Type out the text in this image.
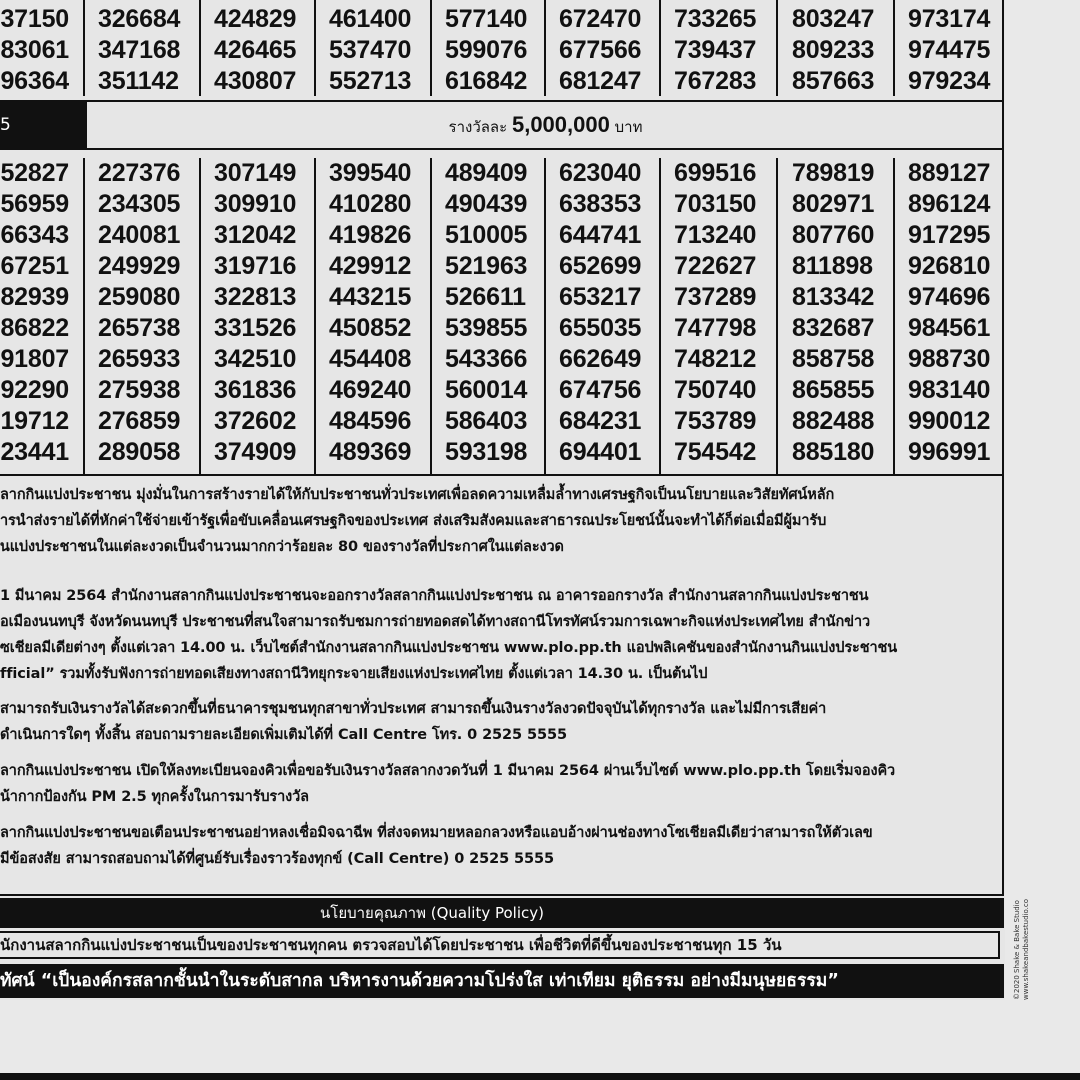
37150
83061
96364
326684
347168
351142
424829
426465
430807
461400
537470
552713
577140
599076
616842
672470
677566
681247
733265
739437
767283
803247
809233
857663
973174
974475
979234
5	รางวัลละ 5,000,000 บาท
52827
56959
66343
67251
82939
86822
91807
92290
19712
23441
227376
234305
240081
249929
259080
265738
265933
275938
276859
289058
307149
309910
312042
319716
322813
331526
342510
361836
372602
374909
399540
410280
419826
429912
443215
450852
454408
469240
484596
489369
489409
490439
510005
521963
526611
539855
543366
560014
586403
593198
623040
638353
644741
652699
653217
655035
662649
674756
684231
694401
699516
703150
713240
722627
737289
747798
748212
750740
753789
754542
789819
802971
807760
811898
813342
832687
858758
865855
882488
885180
889127
896124
917295
926810
974696
984561
988730
983140
990012
996991
ลากกินแบ่งประชาชน มุ่งมั่นในการสร้างรายได้ให้กับประชาชนทั่วประเทศเพื่อลดความเหลื่มล้ำทางเศรษฐกิจเป็นนโยบายและวิสัยทัศน์หลัก
ารนำส่งรายได้ที่หักค่าใช้จ่ายเข้ารัฐเพื่อขับเคลื่อนเศรษฐกิจของประเทศ ส่งเสริมสังคมและสาธารณประโยชน์นั้นจะทำได้ก็ต่อเมื่อมีผู้มารับ
ินแบ่งประชาชนในแต่ละงวดเป็นจำนวนมากกว่าร้อยละ 80 ของรางวัลที่ประกาศในแต่ละงวด
1 มีนาคม 2564 สำนักงานสลากกินแบ่งประชาชนจะออกรางวัลสลากกินแบ่งประชาชน ณ อาคารออกรางวัล สำนักงานสลากกินแบ่งประชาชน
อเมืองนนทบุรี จังหวัดนนทบุรี ประชาชนที่สนใจสามารถรับชมการถ่ายทอดสดได้ทางสถานีโทรทัศน์รวมการเฉพาะกิจแห่งประเทศไทย สำนักข่าว
ซเชียลมีเดียต่างๆ ตั้งแต่เวลา 14.00 น. เว็บไซต์สำนักงานสลากกินแบ่งประชาชน www.plo.pp.th แอปพลิเคชันของสำนักงานกินแบ่งประชาชน
fficial” รวมทั้งรับฟังการถ่ายทอดเสียงทางสถานีวิทยุกระจายเสียงแห่งประเทศไทย ตั้งแต่เวลา 14.30 น. เป็นต้นไป
สามารถรับเงินรางวัลได้สะดวกขึ้นที่ธนาคารชุมชนทุกสาขาทั่วประเทศ สามารถขึ้นเงินรางวัลงวดปัจจุบันได้ทุกรางวัล และไม่มีการเสียค่า
ดำเนินการใดๆ ทั้งสิ้น สอบถามรายละเอียดเพิ่มเติมได้ที่ Call Centre โทร. 0 2525 5555
ลากกินแบ่งประชาชน เปิดให้ลงทะเบียนจองคิวเพื่อขอรับเงินรางวัลสลากงวดวันที่ 1 มีนาคม 2564 ผ่านเว็บไซต์ www.plo.pp.th โดยเริ่มจองคิว
น้ากากป้องกัน PM 2.5 ทุกครั้งในการมารับรางวัล
ลากกินแบ่งประชาชนขอเตือนประชาชนอย่าหลงเชื่อมิจฉาฉีพ ที่ส่งจดหมายหลอกลวงหรือแอบอ้างผ่านช่องทางโซเชียลมีเดียว่าสามารถให้ตัวเลข
มีข้อสงสัย สามารถสอบถามได้ที่ศูนย์รับเรื่องราวร้องทุกข์ (Call Centre) 0 2525 5555
นโยบายคุณภาพ (Quality Policy)
นักงานสลากกินแบ่งประชาชนเป็นของประชาชนทุกคน ตรวจสอบได้โดยประชาชน เพื่อชีวิตที่ดีขึ้นของประชาชนทุก 15 วัน
ทัศน์ “เป็นองค์กรสลากชั้นนำในระดับสากล บริหารงานด้วยความโปร่งใส เท่าเทียม ยุติธรรม อย่างมีมนุษยธรรม”	©2020 Shake & Bake Studio www.shakeandbakestudio.co
